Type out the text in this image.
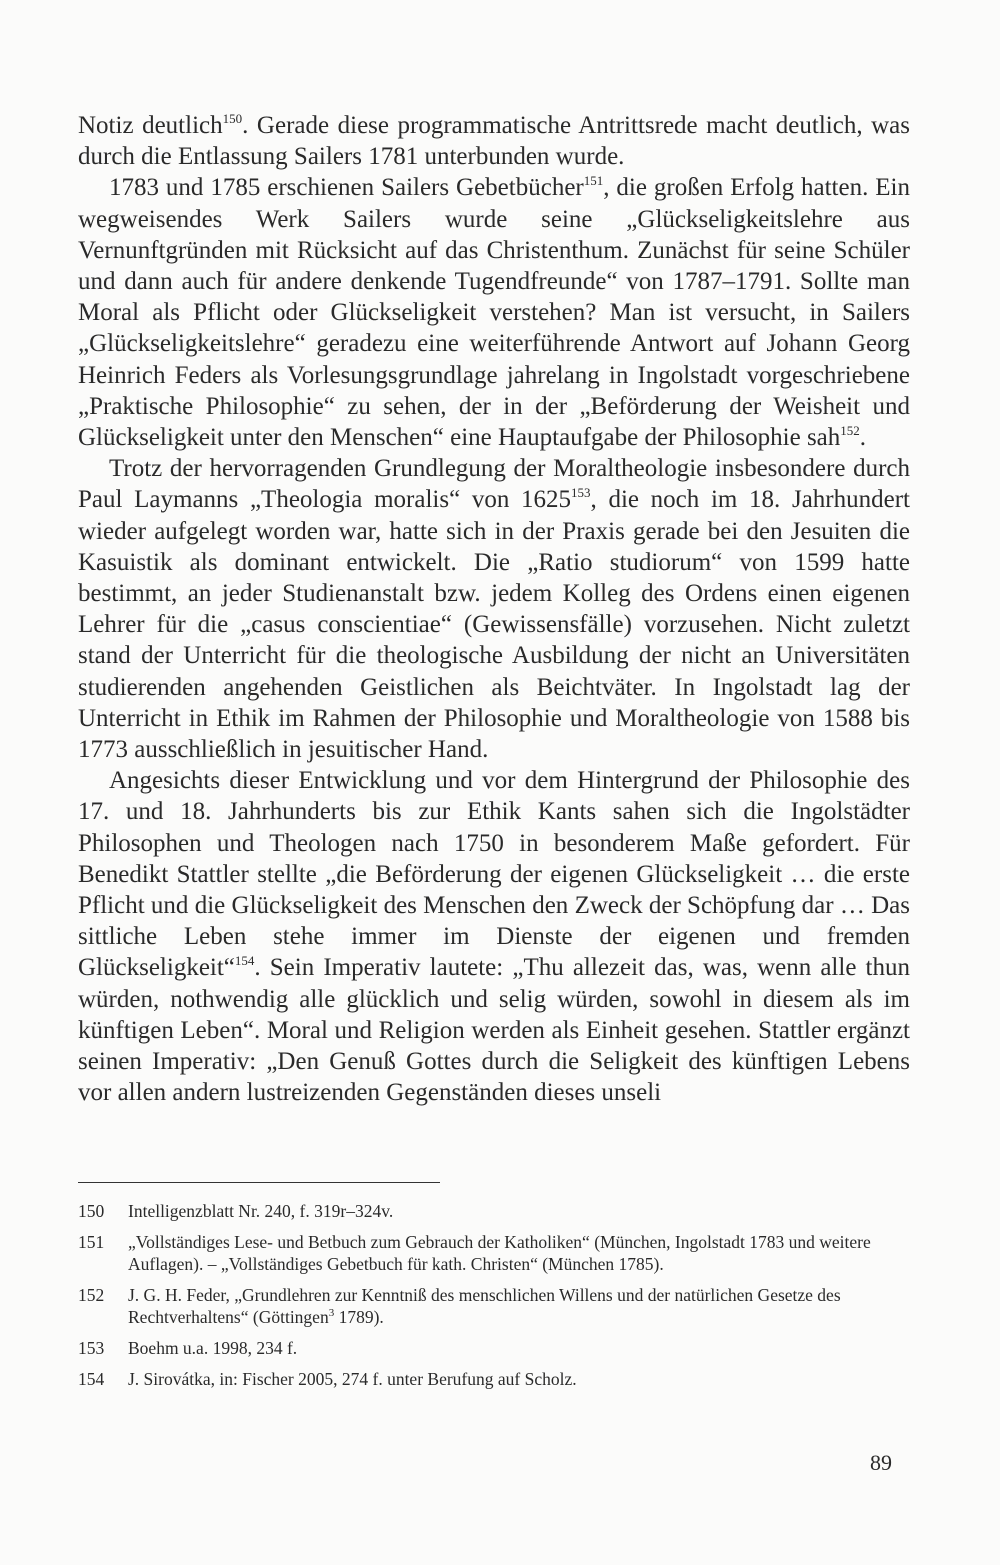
Notiz deutlich$^{150}$. Gerade diese programmatische Antrittsrede macht deutlich, was durch die Entlassung Sailers 1781 unterbunden wurde.

1783 und 1785 erschienen Sailers Gebetbücher$^{151}$, die großen Erfolg hatten. Ein wegweisendes Werk Sailers wurde seine „Glückseligkeitslehre aus Vernunftgründen mit Rücksicht auf das Christenthum. Zunächst für seine Schüler und dann auch für andere denkende Tugendfreunde“ von 1787–1791. Sollte man Moral als Pflicht oder Glückseligkeit verstehen? Man ist versucht, in Sailers „Glückseligkeitslehre“ geradezu eine weiterführende Antwort auf Johann Georg Heinrich Feders als Vorlesungsgrundlage jahrelang in Ingolstadt vorgeschriebene „Praktische Philosophie“ zu sehen, der in der „Beförderung der Weisheit und Glückseligkeit unter den Menschen“ eine Hauptaufgabe der Philosophie sah$^{152}$.

Trotz der hervorragenden Grundlegung der Moraltheologie insbesondere durch Paul Laymanns „Theologia moralis“ von 1625$^{153}$, die noch im 18. Jahrhundert wieder aufgelegt worden war, hatte sich in der Praxis gerade bei den Jesuiten die Kasuistik als dominant entwickelt. Die „Ratio studiorum“ von 1599 hatte bestimmt, an jeder Studienanstalt bzw. jedem Kolleg des Ordens einen eigenen Lehrer für die „casus conscientiae“ (Gewissensfälle) vorzusehen. Nicht zuletzt stand der Unterricht für die theologische Ausbildung der nicht an Universitäten studierenden angehenden Geistlichen als Beichtväter. In Ingolstadt lag der Unterricht in Ethik im Rahmen der Philosophie und Moraltheologie von 1588 bis 1773 ausschließlich in jesuitischer Hand.

Angesichts dieser Entwicklung und vor dem Hintergrund der Philosophie des 17. und 18. Jahrhunderts bis zur Ethik Kants sahen sich die Ingolstädter Philosophen und Theologen nach 1750 in besonderem Maße gefordert. Für Benedikt Stattler stellte „die Beförderung der eigenen Glückseligkeit … die erste Pflicht und die Glückseligkeit des Menschen den Zweck der Schöpfung dar … Das sittliche Leben stehe immer im Dienste der eigenen und fremden Glückseligkeit“$^{154}$. Sein Imperativ lautete: „Thu allezeit das, was, wenn alle thun würden, nothwendig alle glücklich und selig würden, sowohl in diesem als im künftigen Leben“. Moral und Religion werden als Einheit gesehen. Stattler ergänzt seinen Imperativ: „Den Genuß Gottes durch die Seligkeit des künftigen Lebens vor allen andern lustreizenden Gegenständen dieses unseli

150	Intelligenzblatt Nr. 240, f. 319r–324v.
151	„Vollständiges Lese- und Betbuch zum Gebrauch der Katholiken“ (München, Ingolstadt 1783 und weitere Auflagen). – „Vollständiges Gebetbuch für kath. Christen“ (München 1785).
152	J. G. H. Feder, „Grundlehren zur Kenntniß des menschlichen Willens und der natürlichen Gesetze des Rechtverhaltens“ (Göttingen$^3$ 1789).
153	Boehm u.a. 1998, 234 f.
154	J. Sirovátka, in: Fischer 2005, 274 f. unter Berufung auf Scholz.
89
